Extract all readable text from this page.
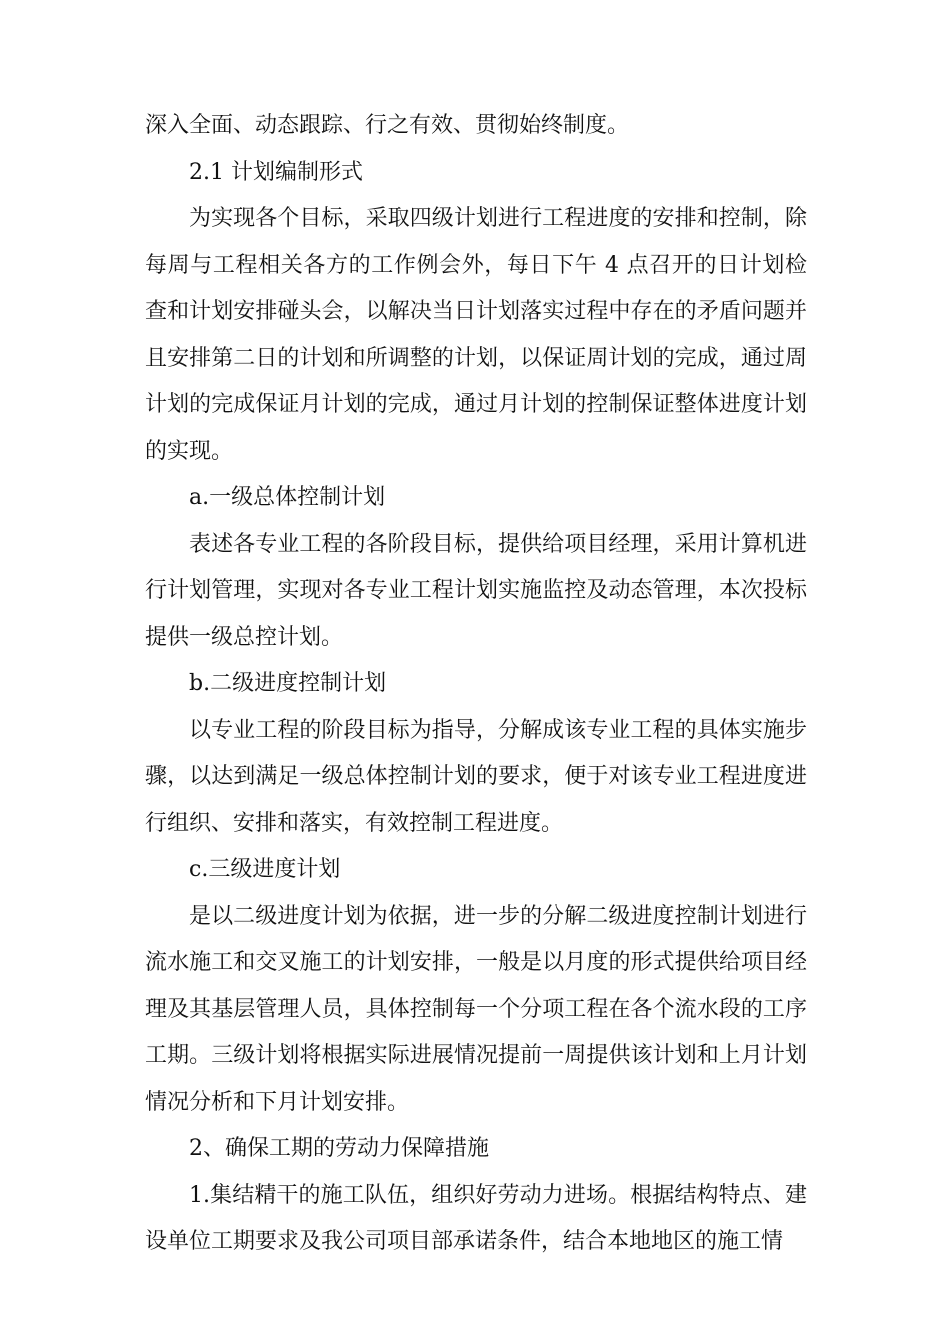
深入全面、动态跟踪、行之有效、贯彻始终制度。

2.1 计划编制形式

为实现各个目标，采取四级计划进行工程进度的安排和控制，除每周与工程相关各方的工作例会外，每日下午 4 点召开的日计划检查和计划安排碰头会，以解决当日计划落实过程中存在的矛盾问题并且安排第二日的计划和所调整的计划，以保证周计划的完成，通过周计划的完成保证月计划的完成，通过月计划的控制保证整体进度计划的实现。

a.一级总体控制计划

表述各专业工程的各阶段目标，提供给项目经理，采用计算机进行计划管理，实现对各专业工程计划实施监控及动态管理，本次投标提供一级总控计划。

b.二级进度控制计划

以专业工程的阶段目标为指导，分解成该专业工程的具体实施步骤，以达到满足一级总体控制计划的要求，便于对该专业工程进度进行组织、安排和落实，有效控制工程进度。

c.三级进度计划

是以二级进度计划为依据，进一步的分解二级进度控制计划进行流水施工和交叉施工的计划安排，一般是以月度的形式提供给项目经理及其基层管理人员，具体控制每一个分项工程在各个流水段的工序工期。三级计划将根据实际进展情况提前一周提供该计划和上月计划情况分析和下月计划安排。

2、确保工期的劳动力保障措施

1.集结精干的施工队伍，组织好劳动力进场。根据结构特点、建设单位工期要求及我公司项目部承诺条件，结合本地地区的施工情
